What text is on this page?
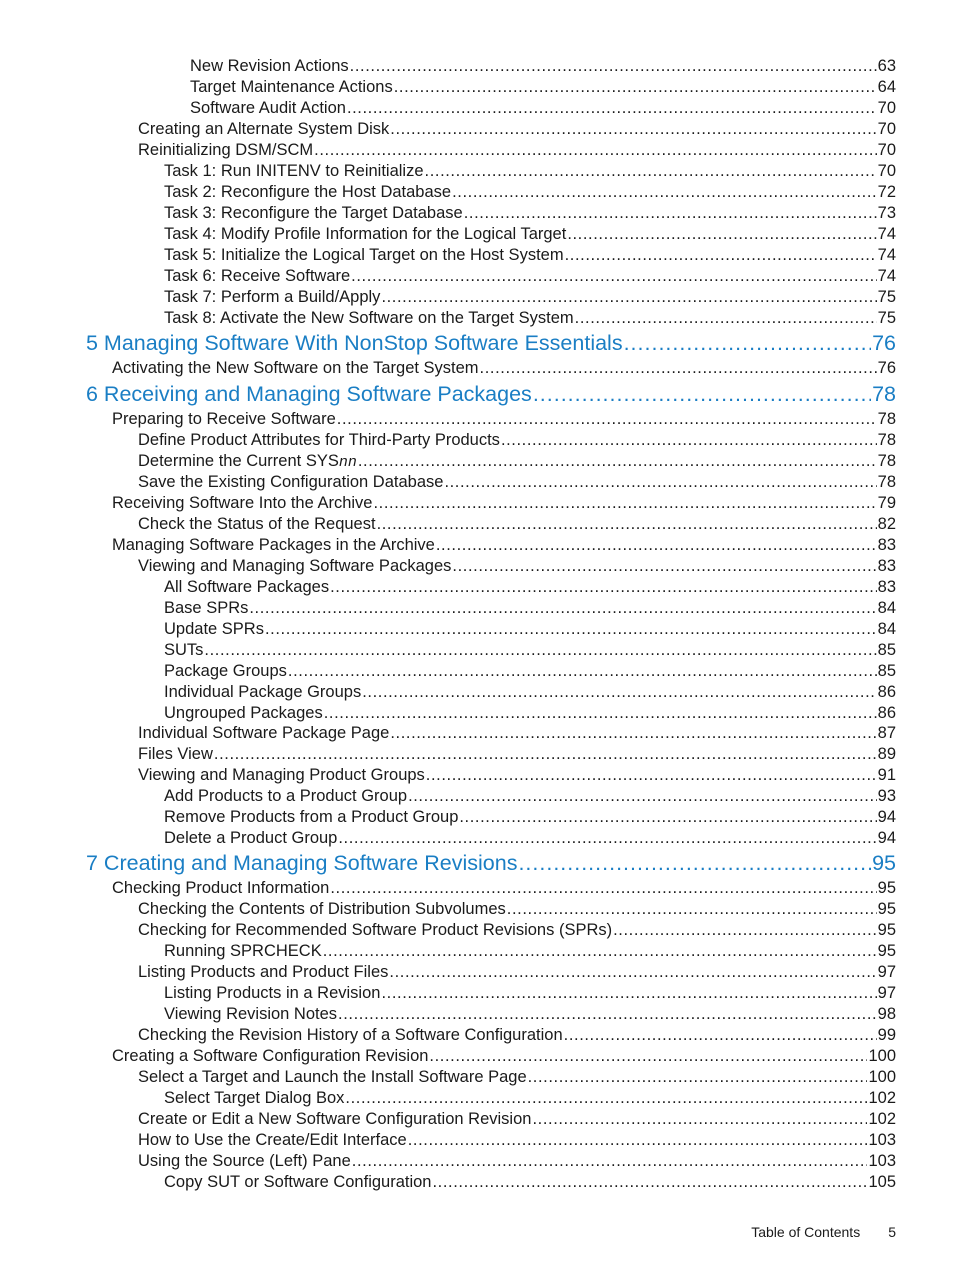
New Revision Actions .....	63
Target Maintenance Actions .....	64
Software Audit Action .....	70
Creating an Alternate System Disk .....	70
Reinitializing DSM/SCM .....	70
Task 1: Run INITENV to Reinitialize .....	70
Task 2: Reconfigure the Host Database .....	72
Task 3: Reconfigure the Target Database .....	73
Task 4: Modify Profile Information for the Logical Target .....	74
Task 5: Initialize the Logical Target on the Host System .....	74
Task 6: Receive Software .....	74
Task 7: Perform a Build/Apply .....	75
Task 8: Activate the New Software on the Target System .....	75
5 Managing Software With NonStop Software Essentials .....	76
Activating the New Software on the Target System .....	76
6 Receiving and Managing Software Packages .....	78
Preparing to Receive Software .....	78
Define Product Attributes for Third-Party Products .....	78
Determine the Current SYSnn .....	78
Save the Existing Configuration Database .....	78
Receiving Software Into the Archive .....	79
Check the Status of the Request .....	82
Managing Software Packages in the Archive .....	83
Viewing and Managing Software Packages .....	83
All Software Packages .....	83
Base SPRs .....	84
Update SPRs .....	84
SUTs .....	85
Package Groups .....	85
Individual Package Groups .....	86
Ungrouped Packages .....	86
Individual Software Package Page .....	87
Files View .....	89
Viewing and Managing Product Groups .....	91
Add Products to a Product Group .....	93
Remove Products from a Product Group .....	94
Delete a Product Group .....	94
7 Creating and Managing Software Revisions .....	95
Checking Product Information .....	95
Checking the Contents of Distribution Subvolumes .....	95
Checking for Recommended Software Product Revisions (SPRs) .....	95
Running SPRCHECK .....	95
Listing Products and Product Files .....	97
Listing Products in a Revision .....	97
Viewing Revision Notes .....	98
Checking the Revision History of a Software Configuration .....	99
Creating a Software Configuration Revision .....	100
Select a Target and Launch the Install Software Page .....	100
Select Target Dialog Box .....	102
Create or Edit a New Software Configuration Revision .....	102
How to Use the Create/Edit Interface .....	103
Using the Source (Left) Pane .....	103
Copy SUT or Software Configuration .....	105
Table of Contents 5
